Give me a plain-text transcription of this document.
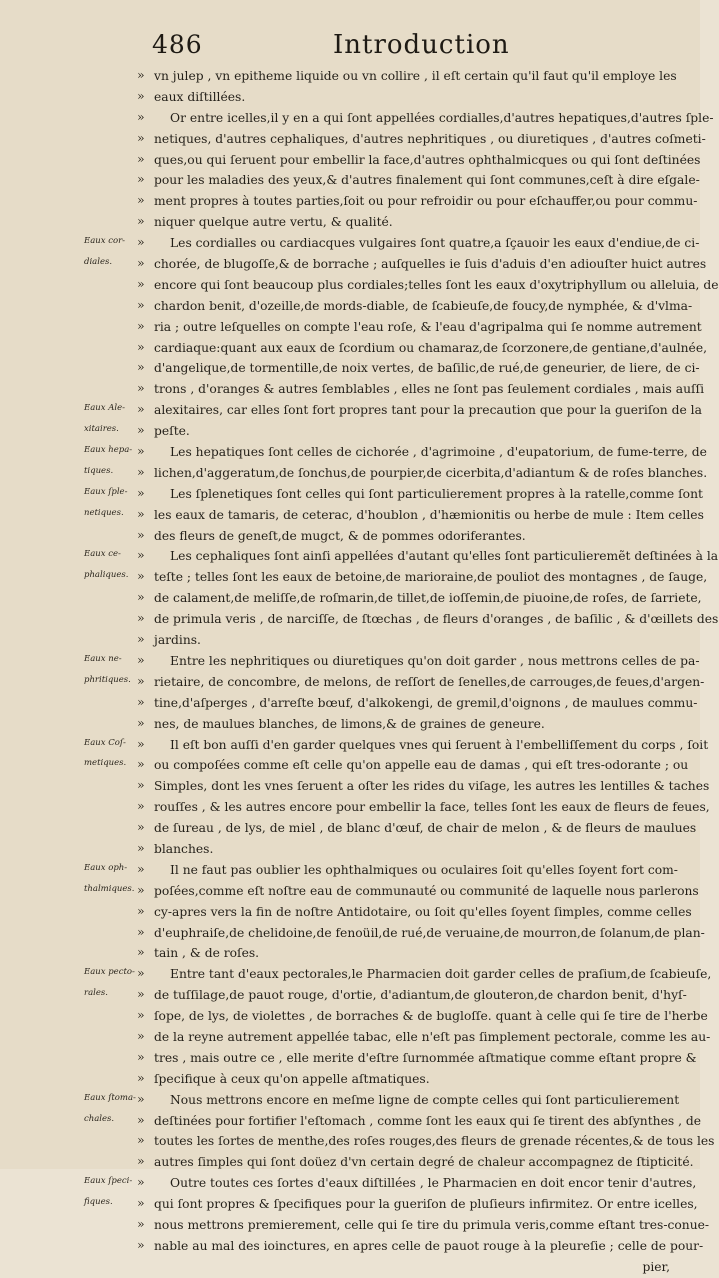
486	Introduction
» vn julep , vn epitheme liquide ou vn collire , il eſt certain qu'il faut qu'il employe les
» eaux diſtillées.
» Or entre icelles,il y en a qui ſont appellées cordialles,d'autres hepatiques,d'autres ſple-
» netiques, d'autres cephaliques, d'autres nephritiques , ou diuretiques , d'autres coſmeti-
» ques,ou qui ſeruent pour embellir la face,d'autres ophthalmicques ou qui ſont deſtinées
» pour les maladies des yeux,& d'autres finalement qui ſont communes,ceſt à dire eſgale-
» ment propres à toutes parties,ſoit ou pour refroidir ou pour eſchauffer,ou pour commu-
» niquer quelque autre vertu, & qualité.
Eaux cor- » Les cordialles ou cardiacques vulgaires ſont quatre,a ſçauoir les eaux d'endiue,de ci-
diales. » chorée, de blugoſſe,& de borrache ; auſquelles ie ſuis d'aduis d'en adiouſter huict autres
» encore qui ſont beaucoup plus cordiales;telles ſont les eaux d'oxytriphyllum ou alleluia, de
» chardon benit, d'ozeille,de mords-diable, de ſcabieuſe,de foucy,de nymphée, & d'vlma-
» ria ; outre leſquelles on compte l'eau roſe, & l'eau d'agripalma qui ſe nomme autrement
» cardiaque:quant aux eaux de ſcordium ou chamaraz,de ſcorzonere,de gentiane,d'aulnée,
» d'angelique,de tormentille,de noix vertes, de baſilic,de rué,de geneurier, de liere, de ci-
» trons , d'oranges & autres ſemblables , elles ne ſont pas ſeulement cordiales , mais auſſi
Eaux Ale- » alexitaires, car elles ſont fort propres tant pour la precaution que pour la gueriſon de la
xitaires. » peſte.
Eaux hepa- » Les hepatiques ſont celles de cichorée , d'agrimoine , d'eupatorium, de fume-terre, de
tiques. » lichen,d'aggeratum,de ſonchus,de pourpier,de cicerbita,d'adiantum & de roſes blanches.
Eaux ſple- » Les ſplenetiques ſont celles qui ſont particulierement propres à la ratelle,comme ſont
netiques. » les eaux de tamaris, de ceterac, d'houblon , d'hæmionitis ou herbe de mule : Item celles
» des fleurs de geneſt,de mugct, & de pommes odoriferantes.
Eaux ce- » Les cephaliques ſont ainſi appellées d'autant qu'elles ſont particulieremẽt deſtinées à la
phaliques. » teſte ; telles ſont les eaux de betoine,de marioraine,de pouliot des montagnes , de ſauge,
» de calament,de meliſſe,de roſmarin,de tillet,de ioſſemin,de piuoine,de roſes, de ſarriete,
» de primula veris , de narciſſe, de ſtœchas , de fleurs d'oranges , de baſilic , & d'œillets des
» jardins.
Eaux ne- » Entre les nephritiques ou diuretiques qu'on doit garder , nous mettrons celles de pa-
phritiques. » rietaire, de concombre, de melons, de reſſort de ſenelles,de carrouges,de feues,d'argen-
» tine,d'aſperges , d'arreſte bœuf, d'alkokengi, de gremil,d'oignons , de maulues commu-
» nes, de maulues blanches, de limons,& de graines de geneure.
Eaux Coſ- » Il eſt bon auſſi d'en garder quelques vnes qui ſeruent à l'embelliſſement du corps , ſoit
metiques. » ou compoſées comme eſt celle qu'on appelle eau de damas , qui eſt tres-odorante ; ou
» Simples, dont les vnes ſeruent a oſter les rides du viſage, les autres les lentilles & taches
» rouſſes , & les autres encore pour embellir la face, telles ſont les eaux de fleurs de feues,
» de ſureau , de lys, de miel , de blanc d'œuf, de chair de melon , & de fleurs de maulues
» blanches.
Eaux oph- » Il ne faut pas oublier les ophthalmiques ou oculaires ſoit qu'elles ſoyent fort com-
thalmiques. » poſées,comme eſt noſtre eau de communauté ou communité de laquelle nous parlerons
» cy-apres vers la fin de noſtre Antidotaire, ou ſoit qu'elles ſoyent ſimples, comme celles
» d'euphraiſe,de chelidoine,de fenoüil,de rué,de veruaine,de mourron,de ſolanum,de plan-
» tain , & de roſes.
Eaux pecto- » Entre tant d'eaux pectorales,le Pharmacien doit garder celles de praſium,de ſcabieuſe,
rales. » de tuſſilage,de pauot rouge, d'ortie, d'adiantum,de glouteron,de chardon benit, d'hyſ-
» ſope, de lys, de violettes , de borraches & de bugloſſe. quant à celle qui ſe tire de l'herbe
» de la reyne autrement appellée tabac, elle n'eſt pas ſimplement pectorale, comme les au-
» tres , mais outre ce , elle merite d'eſtre ſurnommée aſtmatique comme eſtant propre &
» ſpecifique à ceux qu'on appelle aſtmatiques.
Eaux ſtoma- » Nous mettrons encore en meſme ligne de compte celles qui ſont particulierement
chales. » deſtinées pour fortifier l'eſtomach , comme ſont les eaux qui ſe tirent des abſynthes , de
» toutes les ſortes de menthe,des roſes rouges,des fleurs de grenade récentes,& de tous les
» autres ſimples qui ſont doüez d'vn certain degré de chaleur accompagnez de ſtipticité.
Eaux ſpeci- » Outre toutes ces ſortes d'eaux diſtillées , le Pharmacien en doit encor tenir d'autres,
fiques. » qui ſont propres & ſpecifiques pour la gueriſon de pluſieurs infirmitez. Or entre icelles,
» nous mettrons premierement, celle qui ſe tire du primula veris,comme eſtant tres-conue-
» nable au mal des ioinctures, en apres celle de pauot rouge à la pleureſie ; celle de pour-
pier,
